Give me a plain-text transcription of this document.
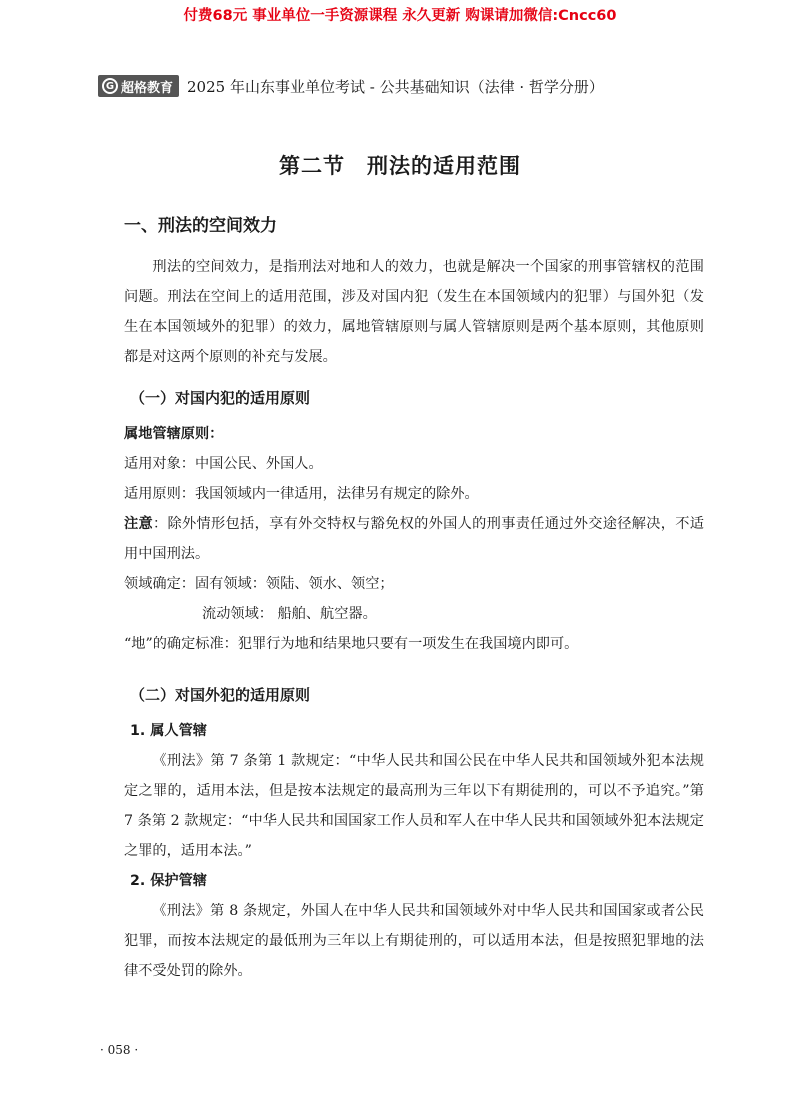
付费68元 事业单位一手资源课程 永久更新 购课请加微信:Cncc60
G 超格教育 2025 年山东事业单位考试 - 公共基础知识（法律 · 哲学分册）
第二节　刑法的适用范围
一、刑法的空间效力

刑法的空间效力，是指刑法对地和人的效力，也就是解决一个国家的刑事管辖权的范围问题。刑法在空间上的适用范围，涉及对国内犯（发生在本国领域内的犯罪）与国外犯（发生在本国领域外的犯罪）的效力，属地管辖原则与属人管辖原则是两个基本原则，其他原则都是对这两个原则的补充与发展。

（一）对国内犯的适用原则

属地管辖原则：

适用对象：中国公民、外国人。

适用原则：我国领域内一律适用，法律另有规定的除外。

注意：除外情形包括，享有外交特权与豁免权的外国人的刑事责任通过外交途径解决，不适用中国刑法。

领域确定：固有领域：领陆、领水、领空；

流动领域： 船舶、航空器。

“地”的确定标准：犯罪行为地和结果地只要有一项发生在我国境内即可。

（二）对国外犯的适用原则

1. 属人管辖

《刑法》第 7 条第 1 款规定：“中华人民共和国公民在中华人民共和国领域外犯本法规定之罪的，适用本法，但是按本法规定的最高刑为三年以下有期徒刑的，可以不予追究。”第 7 条第 2 款规定：“中华人民共和国国家工作人员和军人在中华人民共和国领域外犯本法规定之罪的，适用本法。”

2. 保护管辖

《刑法》第 8 条规定，外国人在中华人民共和国领域外对中华人民共和国国家或者公民犯罪，而按本法规定的最低刑为三年以上有期徒刑的，可以适用本法，但是按照犯罪地的法律不受处罚的除外。

· 058 ·
